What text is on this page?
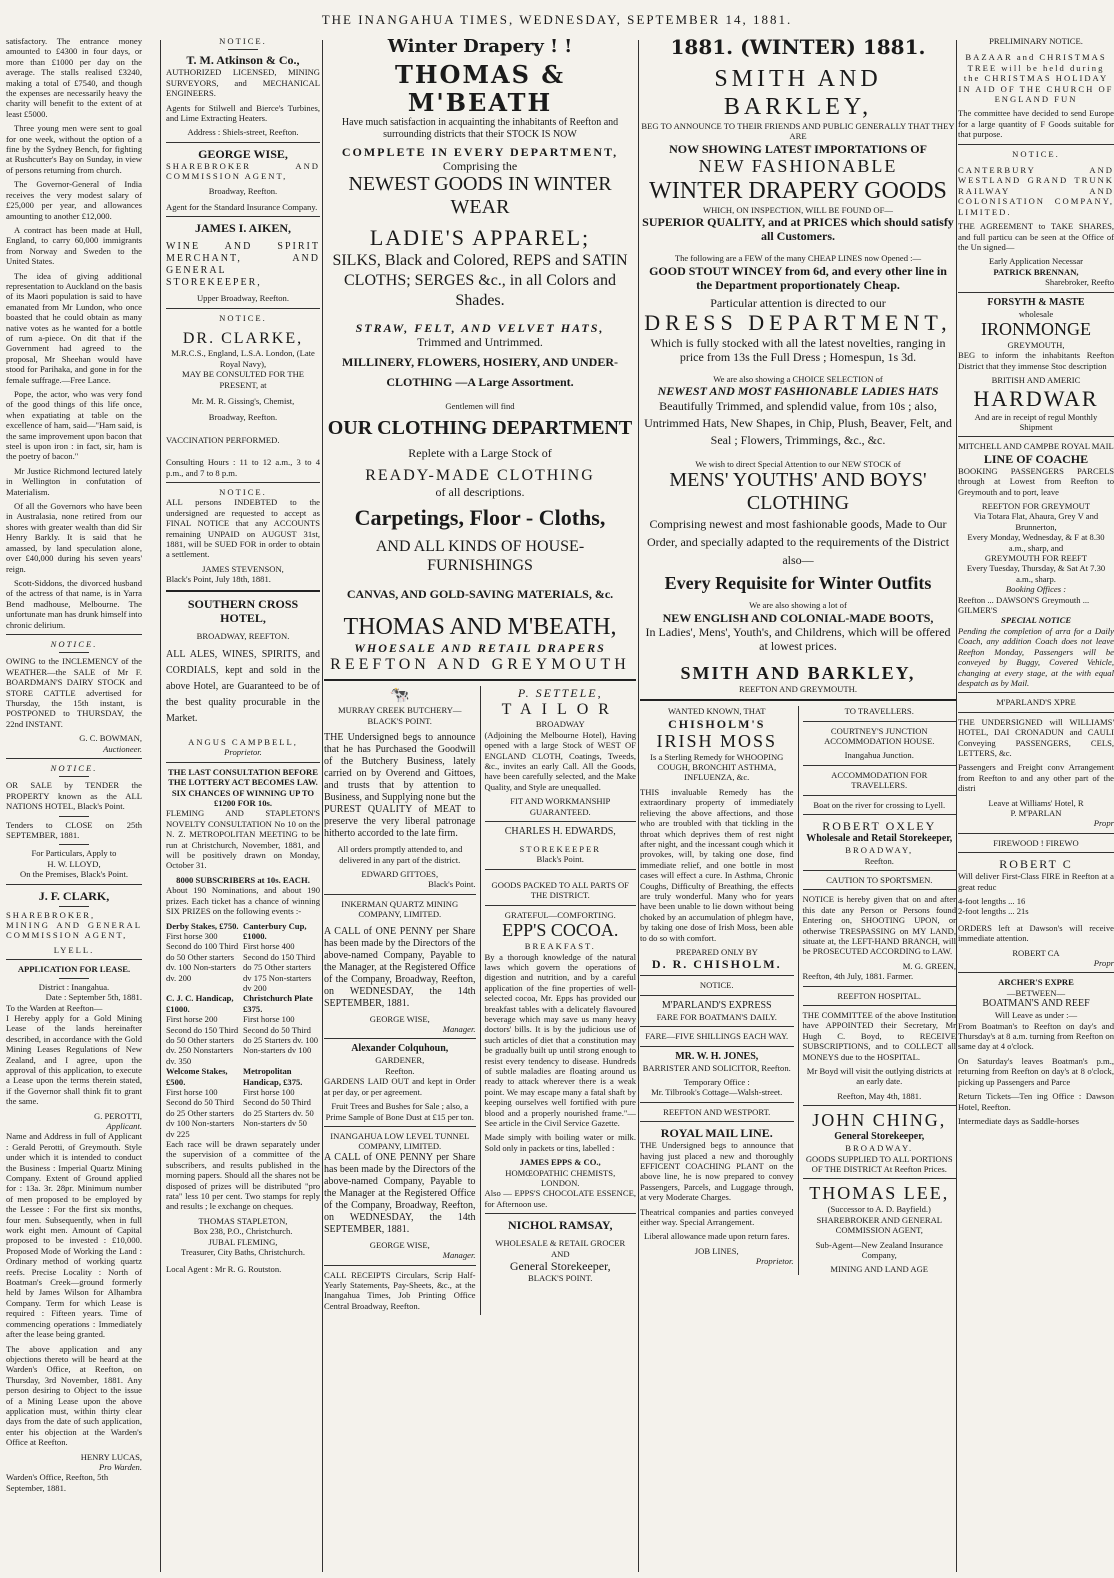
THE INANGAHUA TIMES, WEDNESDAY, SEPTEMBER 14, 1881.

satisfactory. The entrance money amounted to £4300 in four days, or more than £1000 per day on the average. The stalls realised £3240, making a total of £7540, and though the expenses are necessarily heavy the charity will benefit to the extent of at least £5000.

Three young men were sent to goal for one week, without the option of a fine by the Sydney Bench, for fighting at Rushcutter's Bay on Sunday, in view of persons returning from church.

The Governor-General of India receives the very modest salary of £25,000 per year, and allowances amounting to another £12,000.

A contract has been made at Hull, England, to carry 60,000 immigrants from Norway and Sweden to the United States.

The idea of giving additional representation to Auckland on the basis of its Maori population is said to have emanated from Mr Lundon, who once boasted that he could obtain as many native votes as he wanted for a bottle of rum a-piece. On dit that if the Government had agreed to the proposal, Mr Sheehan would have stood for Parihaka, and gone in for the female suffrage.—Free Lance.

Pope, the actor, who was very fond of the good things of this life once, when expatiating at table on the excellence of ham, said—"Ham said, is the same improvement upon bacon that steel is upon iron : in fact, sir, ham is the poetry of bacon."

Mr Justice Richmond lectured lately in Wellington in confutation of Materialism.

Of all the Governors who have been in Australasia, none retired from our shores with greater wealth than did Sir Henry Barkly. It is said that he amassed, by land speculation alone, over £40,000 during his seven years' reign.

Scott-Siddons, the divorced husband of the actress of that name, is in Yarra Bend madhouse, Melbourne. The unfortunate man has drunk himself into chronic delirium.

NOTICE.

OWING to the INCLEMENCY of the WEATHER—the SALE of Mr F. BOARDMAN'S DAIRY STOCK and STORE CATTLE advertised for Thursday, the 15th instant, is POSTPONED to THURSDAY, the 22nd INSTANT.

G. C. BOWMAN,
Auctioneer.
NOTICE.

OR SALE by TENDER the PROPERTY known as the ALL NATIONS HOTEL, Black's Point.

Tenders to CLOSE on 25th SEPTEMBER, 1881.

For Particulars, Apply to
H. W. LLOYD,
On the Premises, Black's Point.
J. F. CLARK,

SHAREBROKER, MINING AND GENERAL COMMISSION AGENT,

LYELL.
APPLICATION FOR LEASE.
District : Inangahua.
Date : September 5th, 1881.
To the Warden at Reefton—

I Hereby apply for a Gold Mining Lease of the lands hereinafter described, in accordance with the Gold Mining Leases Regulations of New Zealand, and I agree, upon the approval of this application, to execute a Lease upon the terms therein stated, if the Governor shall think fit to grant the same.

G. PEROTTI,
Applicant.

Name and Address in full of Applicant : Gerald Perotti, of Greymouth. Style under which it is intended to conduct the Business : Imperial Quartz Mining Company. Extent of Ground applied for : 13a. 3r. 28pr. Minimum number of men proposed to be employed by the Lessee : For the first six months, four men. Subsequently, when in full work eight men. Amount of Capital proposed to be invested : £10,000. Proposed Mode of Working the Land : Ordinary method of working quartz reefs. Precise Locality : North of Boatman's Creek—ground formerly held by James Wilson for Alhambra Company. Term for which Lease is required : Fifteen years. Time of commencing operations : Immediately after the lease being granted.

The above application and any objections thereto will be heard at the Warden's Office, at Reefton, on Thursday, 3rd November, 1881. Any person desiring to Object to the issue of a Mining Lease upon the above application must, within thirty clear days from the date of such application, enter his objection at the Warden's Office at Reefton.

HENRY LUCAS,
Pro Warden.
Warden's Office, Reefton, 5th September, 1881.
NOTICE.
T. M. Atkinson & Co.,

AUTHORIZED LICENSED, MINING SURVEYORS, and MECHANICAL ENGINEERS.

Agents for Stilwell and Bierce's Turbines, and Lime Extracting Heaters.

Address : Shiels-street, Reefton.
GEORGE WISE,

SHAREBROKER AND COMMISSION AGENT,

Broadway, Reefton.

Agent for the Standard Insurance Company.

JAMES I. AIKEN,

WINE AND SPIRIT MERCHANT, AND GENERAL STOREKEEPER,

Upper Broadway, Reefton.
NOTICE.
DR. CLARKE,
M.R.C.S., England, L.S.A. London, (Late Royal Navy),
MAY BE CONSULTED FOR THE PRESENT, at
Mr. M. R. Gissing's, Chemist,
Broadway, Reefton.
VACCINATION PERFORMED.

Consulting Hours : 11 to 12 a.m., 3 to 4 p.m., and 7 to 8 p.m.

NOTICE.

ALL persons INDEBTED to the undersigned are requested to accept as FINAL NOTICE that any ACCOUNTS remaining UNPAID on AUGUST 31st, 1881, will be SUED FOR in order to obtain a settlement.

JAMES STEVENSON,
Black's Point, July 18th, 1881.
SOUTHERN CROSS HOTEL,
BROADWAY, REEFTON.

ALL ALES, WINES, SPIRITS, and CORDIALS, kept and sold in the above Hotel, are Guaranteed to be of the best quality procurable in the Market.

ANGUS CAMPBELL,
Proprietor.
THE LAST CONSULTATION BEFORE THE LOTTERY ACT BECOMES LAW.
SIX CHANCES OF WINNING UP TO £1200 FOR 10s.

FLEMING AND STAPLETON'S NOVELTY CONSULTATION No 10 on the N. Z. METROPOLITAN MEETING to be run at Christchurch, November, 1881, and will be positively drawn on Monday, October 31.

8000 SUBSCRIBERS at 10s. EACH.

About 190 Nominations, and about 190 prizes. Each ticket has a chance of winning SIX PRIZES on the following events :-

Derby Stakes, £750.
First horse 300 Second do 100 Third do 50 Other starters dv. 100 Non-starters dv. 200
Canterbury Cup, £1000.
First horse 400 Second do 150 Third do 75 Other starters dv 175 Non-starters dv 200
C. J. C. Handicap, £1000.
First horse 200 Second do 150 Third do 50 Other starters dv. 250 Nonstarters dv. 350
Christchurch Plate £375.
First horse 100 Second do 50 Third do 25 Starters dv. 100 Non-starters dv 100
Welcome Stakes, £500.
First horse 100 Second do 50 Third do 25 Other starters dv 100 Non-starters dv 225
Metropolitan Handicap, £375.
First horse 100 Second do 50 Third do 25 Starters dv. 50 Non-starters dv 50

Each race will be drawn separately under the supervision of a committee of the subscribers, and results published in the morning papers. Should all the shares not be disposed of prizes will be distributed "pro rata" less 10 per cent. Two stamps for reply and results ; le exchange on cheques.

THOMAS STAPLETON,
Box 238, P.O., Christchurch.
JUBAL FLEMING,
Treasurer, City Baths, Christchurch.
Local Agent : Mr R. G. Routston.
Winter Drapery ! !
THOMAS & M'BEATH

Have much satisfaction in acquainting the inhabitants of Reefton and surrounding districts that their STOCK IS NOW

COMPLETE IN EVERY DEPARTMENT,
Comprising the
NEWEST GOODS IN WINTER WEAR
LADIE'S APPAREL;

SILKS, Black and Colored, REPS and SATIN CLOTHS; SERGES &c., in all Colors and Shades.

STRAW, FELT, AND VELVET HATS,
Trimmed and Untrimmed.
MILLINERY, FLOWERS, HOSIERY, AND UNDER-
CLOTHING —A Large Assortment.
Gentlemen will find
OUR CLOTHING DEPARTMENT
Replete with a Large Stock of
READY-MADE CLOTHING
of all descriptions.
Carpetings, Floor - Cloths,
AND ALL KINDS OF HOUSE-FURNISHINGS
CANVAS, AND GOLD-SAVING MATERIALS, &c.
THOMAS AND M'BEATH,
WHOESALE AND RETAIL DRAPERS
REEFTON AND GREYMOUTH
🐄
MURRAY CREEK BUTCHERY—BLACK'S POINT.

THE Undersigned begs to announce that he has Purchased the Goodwill of the Butchery Business, lately carried on by Overend and Gittoes, and trusts that by attention to Business, and Supplying none but the PUREST QUALITY of MEAT to preserve the very liberal patronage hitherto accorded to the late firm.

All orders promptly attended to, and delivered in any part of the district.

EDWARD GITTOES,
Black's Point.
INKERMAN QUARTZ MINING COMPANY, LIMITED.

A CALL of ONE PENNY per Share has been made by the Directors of the above-named Company, Payable to the Manager, at the Registered Office of the Company, Broadway, Reefton, on WEDNESDAY, the 14th SEPTEMBER, 1881.

GEORGE WISE,
Manager.
Alexander Colquhoun,
GARDENER,
Reefton.

GARDENS LAID OUT and kept in Order at per day, or per agreement.

Fruit Trees and Bushes for Sale ; also, a Prime Sample of Bone Dust at £15 per ton.

INANGAHUA LOW LEVEL TUNNEL COMPANY, LIMITED.

A CALL of ONE PENNY per Share has been made by the Directors of the above-named Company, Payable to the Manager at the Registered Office of the Company, Broadway, Reefton, on WEDNESDAY, the 14th SEPTEMBER, 1881.

GEORGE WISE,
Manager.

CALL RECEIPTS Circulars, Scrip Half-Yearly Statements, Pay-Sheets, &c., at the Inangahua Times, Job Printing Office Central Broadway, Reefton.

P. SETTELE,
TAILOR
BROADWAY

(Adjoining the Melbourne Hotel), Having opened with a large Stock of WEST OF ENGLAND CLOTH, Coatings, Tweeds, &c., invites an early Call. All the Goods, have been carefully selected, and the Make Quality, and Style are unequalled.

FIT AND WORKMANSHIP GUARANTEED.
CHARLES H. EDWARDS,
STOREKEEPER
Black's Point.
GOODS PACKED TO ALL PARTS OF THE DISTRICT.
GRATEFUL—COMFORTING.
EPP'S COCOA.
BREAKFAST.

By a thorough knowledge of the natural laws which govern the operations of digestion and nutrition, and by a careful application of the fine properties of well-selected cocoa, Mr. Epps has provided our breakfast tables with a delicately flavoured beverage which may save us many heavy doctors' bills. It is by the judicious use of such articles of diet that a constitution may be gradually built up until strong enough to resist every tendency to disease. Hundreds of subtle maladies are floating around us ready to attack wherever there is a weak point. We may escape many a fatal shaft by keeping ourselves well fortified with pure blood and a properly nourished frame."—See article in the Civil Service Gazette.

Made simply with boiling water or milk. Sold only in packets or tins, labelled :

JAMES EPPS & CO.,
HOMŒOPATHIC CHEMISTS,
LONDON.

Also — EPPS'S CHOCOLATE ESSENCE, for Afternoon use.

NICHOL RAMSAY,
WHOLESALE & RETAIL GROCER
AND
General Storekeeper,
BLACK'S POINT.
1881. (WINTER) 1881.
SMITH AND BARKLEY,
BEG TO ANNOUNCE TO THEIR FRIENDS AND PUBLIC GENERALLY THAT THEY ARE
NOW SHOWING LATEST IMPORTATIONS OF
NEW FASHIONABLE
WINTER DRAPERY GOODS
WHICH, ON INSPECTION, WILL BE FOUND OF—

SUPERIOR QUALITY, and at PRICES which should satisfy all Customers.

The following are a FEW of the many CHEAP LINES now Opened :—

GOOD STOUT WINCEY from 6d, and every other line in the Department proportionately Cheap.

Particular attention is directed to our
DRESS DEPARTMENT,

Which is fully stocked with all the latest novelties, ranging in price from 13s the Full Dress ; Homespun, 1s 3d.

We are also showing a CHOICE SELECTION of
NEWEST AND MOST FASHIONABLE LADIES HATS

Beautifully Trimmed, and splendid value, from 10s ; also, Untrimmed Hats, New Shapes, in Chip, Plush, Beaver, Felt, and Seal ; Flowers, Trimmings, &c., &c.

We wish to direct Special Attention to our NEW STOCK of
MENS' YOUTHS' AND BOYS' CLOTHING

Comprising newest and most fashionable goods, Made to Our Order, and specially adapted to the requirements of the District also—

Every Requisite for Winter Outfits
We are also showing a lot of
NEW ENGLISH AND COLONIAL-MADE BOOTS,

In Ladies', Mens', Youth's, and Childrens, which will be offered at lowest prices.

SMITH AND BARKLEY,
REEFTON AND GREYMOUTH.
WANTED KNOWN, THAT
CHISHOLM'S
IRISH MOSS

Is a Sterling Remedy for WHOOPING COUGH, BRONCHIT ASTHMA, INFLUENZA, &c.

THIS invaluable Remedy has the extraordinary property of immediately relieving the above affections, and those who are troubled with that tickling in the throat which deprives them of rest night after night, and the incessant cough which it provokes, will, by taking one dose, find immediate relief, and one bottle in most cases will effect a cure. In Asthma, Chronic Coughs, Difficulty of Breathing, the effects are truly wonderful. Many who for years have been unable to lie down without being choked by an accumulation of phlegm have, by taking one dose of Irish Moss, been able to do so with comfort.

PREPARED ONLY BY
D. R. CHISHOLM.
NOTICE.
M'PARLAND'S EXPRESS
FARE FOR BOATMAN'S DAILY.
FARE—FIVE SHILLINGS EACH WAY.
MR. W. H. JONES,

BARRISTER AND SOLICITOR, Reefton.

Temporary Office :
Mr. Tilbrook's Cottage—Walsh-street.
REEFTON AND WESTPORT.
ROYAL MAIL LINE.

THE Undersigned begs to announce that having just placed a new and thoroughly EFFICENT COACHING PLANT on the above line, he is now prepared to convey Passengers, Parcels, and Luggage through, at very Moderate Charges.

Theatrical companies and parties conveyed either way. Special Arrangement.

Liberal allowance made upon return fares.

JOB LINES,
Proprietor.
TO TRAVELLERS.

COURTNEY'S JUNCTION ACCOMMODATION HOUSE.

Inangahua Junction.
ACCOMMODATION FOR TRAVELLERS.
Boat on the river for crossing to Lyell.
ROBERT OXLEY
Wholesale and Retail Storekeeper,
BROADWAY,
Reefton.
CAUTION TO SPORTSMEN.

NOTICE is hereby given that on and after this date any Person or Persons found Entering on, SHOOTING UPON, or otherwise TRESPASSING on MY LAND, situate at, the LEFT-HAND BRANCH, will be PROSECUTED ACCORDING to LAW.

M. G. GREEN,
Reefton, 4th July, 1881. Farmer.
REEFTON HOSPITAL.

THE COMMITTEE of the above Institution have APPOINTED their Secretary, Mr Hugh C. Boyd, to RECEIVE SUBSCRIPTIONS, and to COLLECT all MONEYS due to the HOSPITAL.

Mr Boyd will visit the outlying districts at an early date.

Reefton, May 4th, 1881.
JOHN CHING,
General Storekeeper,
BROADWAY.

GOODS SUPPLIED TO ALL PORTIONS OF THE DISTRICT At Reefton Prices.

THOMAS LEE,
(Successor to A. D. Bayfield.)

SHAREBROKER AND GENERAL COMMISSION AGENT,

Sub-Agent—New Zealand Insurance Company,

MINING AND LAND AGE
PRELIMINARY NOTICE.

BAZAAR and CHRISTMAS TREE will be held during the CHRISTMAS HOLIDAY IN AID OF THE CHURCH OF ENGLAND FUN

The committee have decided to send Europe for a large quantity of F Goods suitable for that purpose.

NOTICE.

CANTERBURY AND WESTLAND GRAND TRUNK RAILWAY AND COLONISATION COMPANY, LIMITED.

THE AGREEMENT to TAKE SHARES, and full particu can be seen at the Office of the Un signed—

Early Application Necessar
PATRICK BRENNAN,
Sharebroker, Reefto
FORSYTH & MASTE
wholesale
IRONMONGE
GREYMOUTH,

BEG to inform the inhabitants Reefton District that they immense Stoc description

BRITISH AND AMERIC
HARDWAR

And are in receipt of regul Monthly Shipment

MITCHELL AND CAMPBE ROYAL MAIL
LINE OF COACHE

BOOKING PASSENGERS PARCELS through at Lowest from Reefton to Greymouth and to port, leave

REEFTON FOR GREYMOUT
Via Totara Flat, Ahaura, Grey V and Brunnerton,
Every Monday, Wednesday, & F at 8.30 a.m., sharp, and
GREYMOUTH FOR REEFT
Every Tuesday, Thursday, & Sat At 7.30 a.m., sharp.
Booking Offices :
Reefton ... DAWSON'S Greymouth ... GILMER'S
SPECIAL NOTICE

Pending the completion of arra for a Daily Coach, any addition Coach does not leave Reefton Monday, Passengers will be conveyed by Buggy, Covered Vehicle, changing at every stage, at the with equal despatch as by Mail.

M'PARLAND'S XPRE

THE UNDERSIGNED will WILLIAMS' HOTEL, DAI CRONADUN and CAULI Conveying PASSENGERS, CELS, LETTERS, &c.

Passengers and Freight conv Arrangement from Reefton to and any other part of the distri

Leave at Williams' Hotel, R
P. M'PARLAN
Propr
FIREWOOD ! FIREWO
ROBERT C

Will deliver First-Class FIRE in Reefton at a great reduc

4-foot lengths ... 16
2-foot lengths ... 21s

ORDERS left at Dawson's will receive immediate attention.

ROBERT CA
Propr
ARCHER'S EXPRE
—BETWEEN—
BOATMAN'S AND REEF
Will Leave as under :—

From Boatman's to Reefton on day's and Thursday's at 8 a.m. turning from Reefton on same day at 4 o'clock.

On Saturday's leaves Boatman's p.m., returning from Reefton on day's at 8 o'clock, picking up Passengers and Parce

Return Tickets—Ten ing Office : Dawson Hotel, Reefton.

Intermediate days as Saddle-horses
